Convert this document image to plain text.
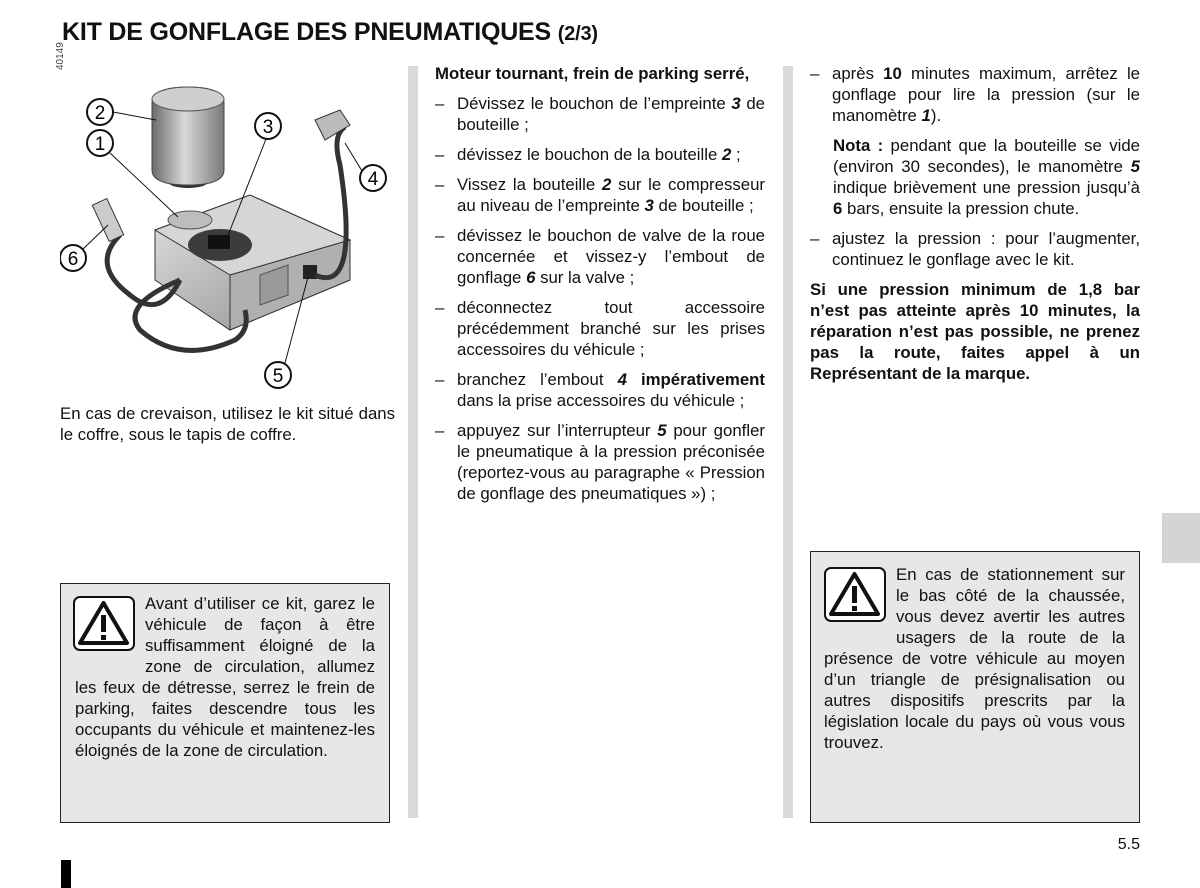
KIT DE GONFLAGE DES PNEUMATIQUES (2/3)
40149
2
1
3
4
6
5
En cas de crevaison, utilisez le kit situé dans le coffre, sous le tapis de coffre.
Avant d’utiliser ce kit, garez le véhicule de façon à être suffisamment éloigné de la zone de circulation, allumez les feux de détresse, serrez le frein de parking, faites descendre tous les occupants du véhicule et maintenez-les éloignés de la zone de circulation.

Moteur tournant, frein de parking serré,

– Dévissez le bouchon de l’empreinte 3 de bouteille ;
– dévissez le bouchon de la bouteille 2 ;
– Vissez la bouteille 2 sur le compresseur au niveau de l’empreinte 3 de bouteille ;
– dévissez le bouchon de valve de la roue concernée et vissez-y l’embout de gonflage 6 sur la valve ;
– déconnectez tout accessoire précédemment branché sur les prises accessoires du véhicule ;
– branchez l’embout 4 impérativement dans la prise accessoires du véhicule ;
– appuyez sur l’interrupteur 5 pour gonfler le pneumatique à la pression préconisée (reportez-vous au paragraphe « Pression de gonflage des pneumatiques ») ;
– après 10 minutes maximum, arrêtez le gonflage pour lire la pression (sur le manomètre 1).

Nota : pendant que la bouteille se vide (environ 30 secondes), le manomètre 5 indique brièvement une pression jusqu’à 6 bars, ensuite la pression chute.

– ajustez la pression : pour l’augmenter, continuez le gonflage avec le kit.

Si une pression minimum de 1,8 bar n’est pas atteinte après 10 minutes, la réparation n’est pas possible, ne prenez pas la route, faites appel à un Représentant de la marque.

En cas de stationnement sur le bas côté de la chaussée, vous devez avertir les autres usagers de la route de la présence de votre véhicule au moyen d’un triangle de présignalisation ou autres dispositifs prescrits par la législation locale du pays où vous vous trouvez.
5.5
